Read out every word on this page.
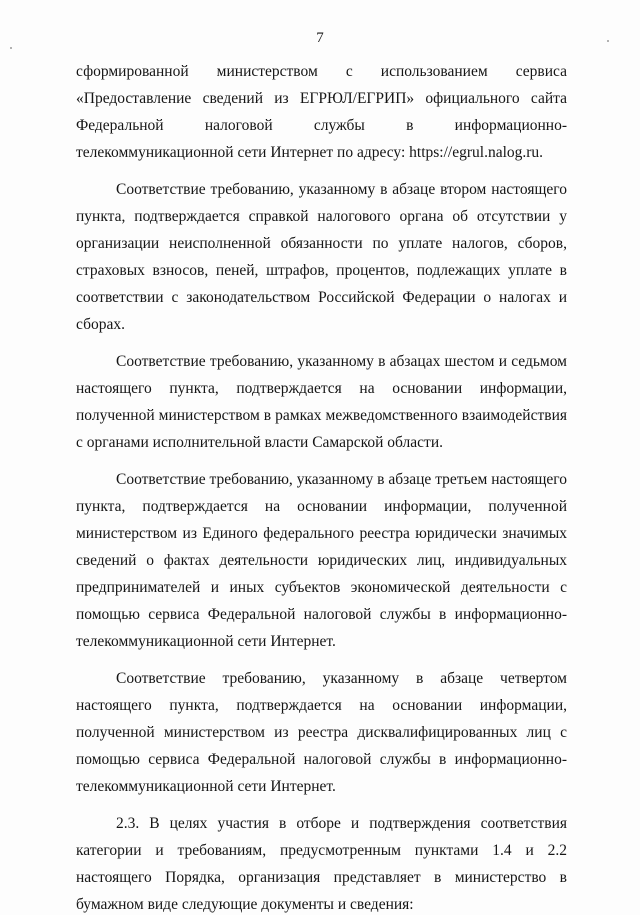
7

сформированной министерством с использованием сервиса «Предоставление сведений из ЕГРЮЛ/ЕГРИП» официального сайта Федеральной налоговой службы в информационно-телекоммуникационной сети Интернет по адресу: https://egrul.nalog.ru.

Соответствие требованию, указанному в абзаце втором настоящего пункта, подтверждается справкой налогового органа об отсутствии у организации неисполненной обязанности по уплате налогов, сборов, страховых взносов, пеней, штрафов, процентов, подлежащих уплате в соответствии с законодательством Российской Федерации о налогах и сборах.

Соответствие требованию, указанному в абзацах шестом и седьмом настоящего пункта, подтверждается на основании информации, полученной министерством в рамках межведомственного взаимодействия с органами исполнительной власти Самарской области.

Соответствие требованию, указанному в абзаце третьем настоящего пункта, подтверждается на основании информации, полученной министерством из Единого федерального реестра юридически значимых сведений о фактах деятельности юридических лиц, индивидуальных предпринимателей и иных субъектов экономической деятельности с помощью сервиса Федеральной налоговой службы в информационно-телекоммуникационной сети Интернет.

Соответствие требованию, указанному в абзаце четвертом настоящего пункта, подтверждается на основании информации, полученной министерством из реестра дисквалифицированных лиц с помощью сервиса Федеральной налоговой службы в информационно-телекоммуникационной сети Интернет.

2.3. В целях участия в отборе и подтверждения соответствия категории и требованиям, предусмотренным пунктами 1.4 и 2.2 настоящего Порядка, организация представляет в министерство в бумажном виде следующие документы и сведения:
